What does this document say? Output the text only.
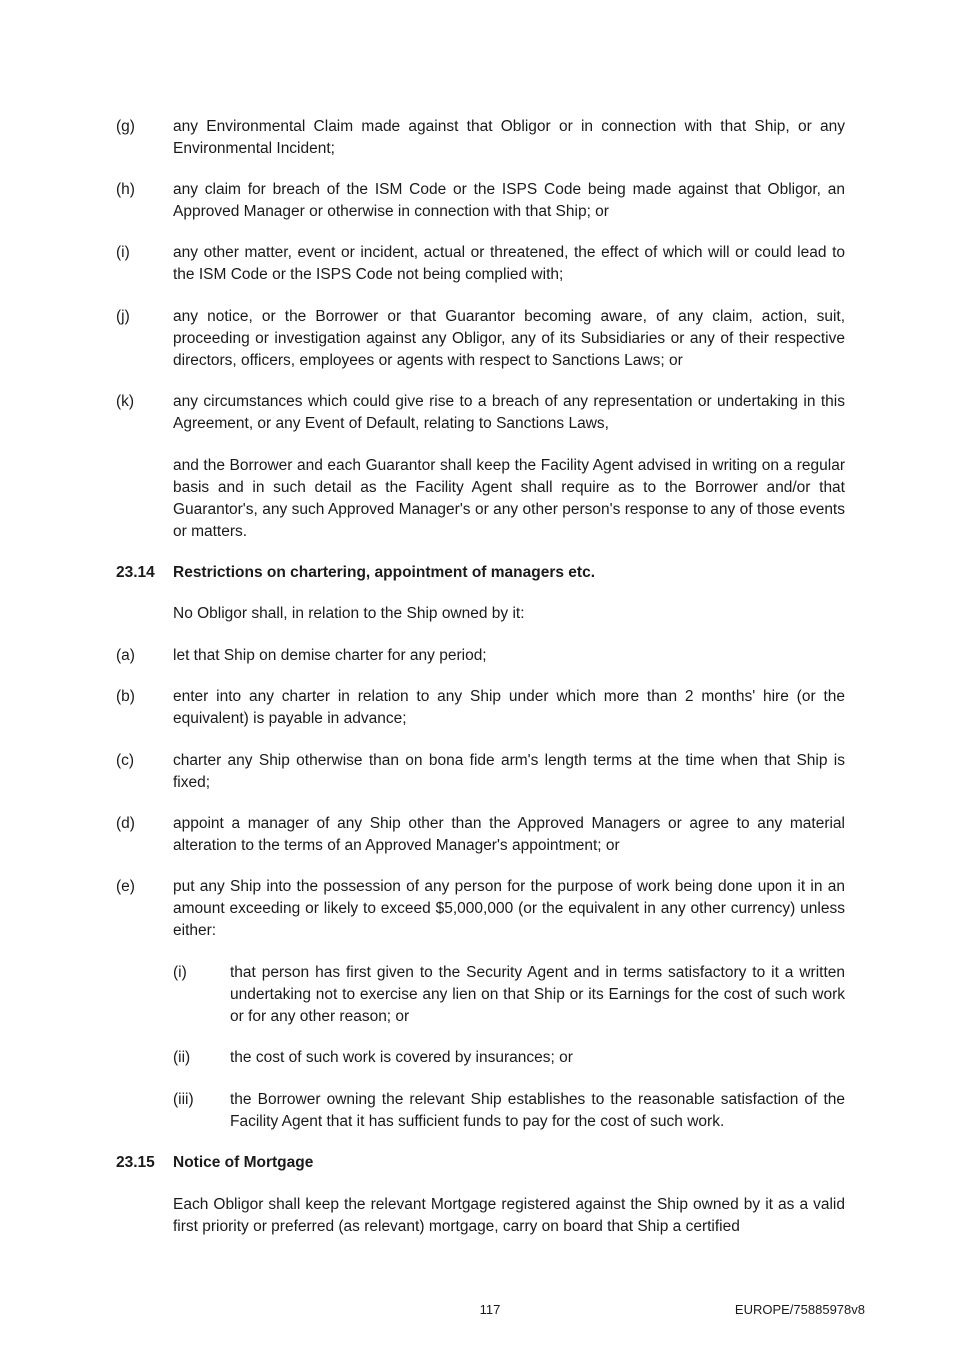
(g) any Environmental Claim made against that Obligor or in connection with that Ship, or any Environmental Incident;
(h) any claim for breach of the ISM Code or the ISPS Code being made against that Obligor, an Approved Manager or otherwise in connection with that Ship; or
(i)	any other matter, event or incident, actual or threatened, the effect of which will or could lead to the ISM Code or the ISPS Code not being complied with;
(j)	any notice, or the Borrower or that Guarantor becoming aware, of any claim, action, suit, proceeding or investigation against any Obligor, any of its Subsidiaries or any of their respective directors, officers, employees or agents with respect to Sanctions Laws; or
(k)	any circumstances which could give rise to a breach of any representation or undertaking in this Agreement, or any Event of Default, relating to Sanctions Laws,
and the Borrower and each Guarantor shall keep the Facility Agent advised in writing on a regular basis and in such detail as the Facility Agent shall require as to the Borrower and/or that Guarantor's, any such Approved Manager's or any other person's response to any of those events or matters.
23.14 Restrictions on chartering, appointment of managers etc.
No Obligor shall, in relation to the Ship owned by it:
(a) let that Ship on demise charter for any period;
(b) enter into any charter in relation to any Ship under which more than 2 months' hire (or the equivalent) is payable in advance;
(c)	charter any Ship otherwise than on bona fide arm's length terms at the time when that Ship is fixed;
(d) appoint a manager of any Ship other than the Approved Managers or agree to any material alteration to the terms of an Approved Manager's appointment; or
(e) put any Ship into the possession of any person for the purpose of work being done upon it in an amount exceeding or likely to exceed $5,000,000 (or the equivalent in any other currency) unless either:
(i)	that person has first given to the Security Agent and in terms satisfactory to it a written undertaking not to exercise any lien on that Ship or its Earnings for the cost of such work or for any other reason; or
(ii)	the cost of such work is covered by insurances; or
(iii) the Borrower owning the relevant Ship establishes to the reasonable satisfaction of the Facility Agent that it has sufficient funds to pay for the cost of such work.
23.15 Notice of Mortgage
Each Obligor shall keep the relevant Mortgage registered against the Ship owned by it as a valid first priority or preferred (as relevant) mortgage, carry on board that Ship a certified
117	EUROPE/75885978v8
